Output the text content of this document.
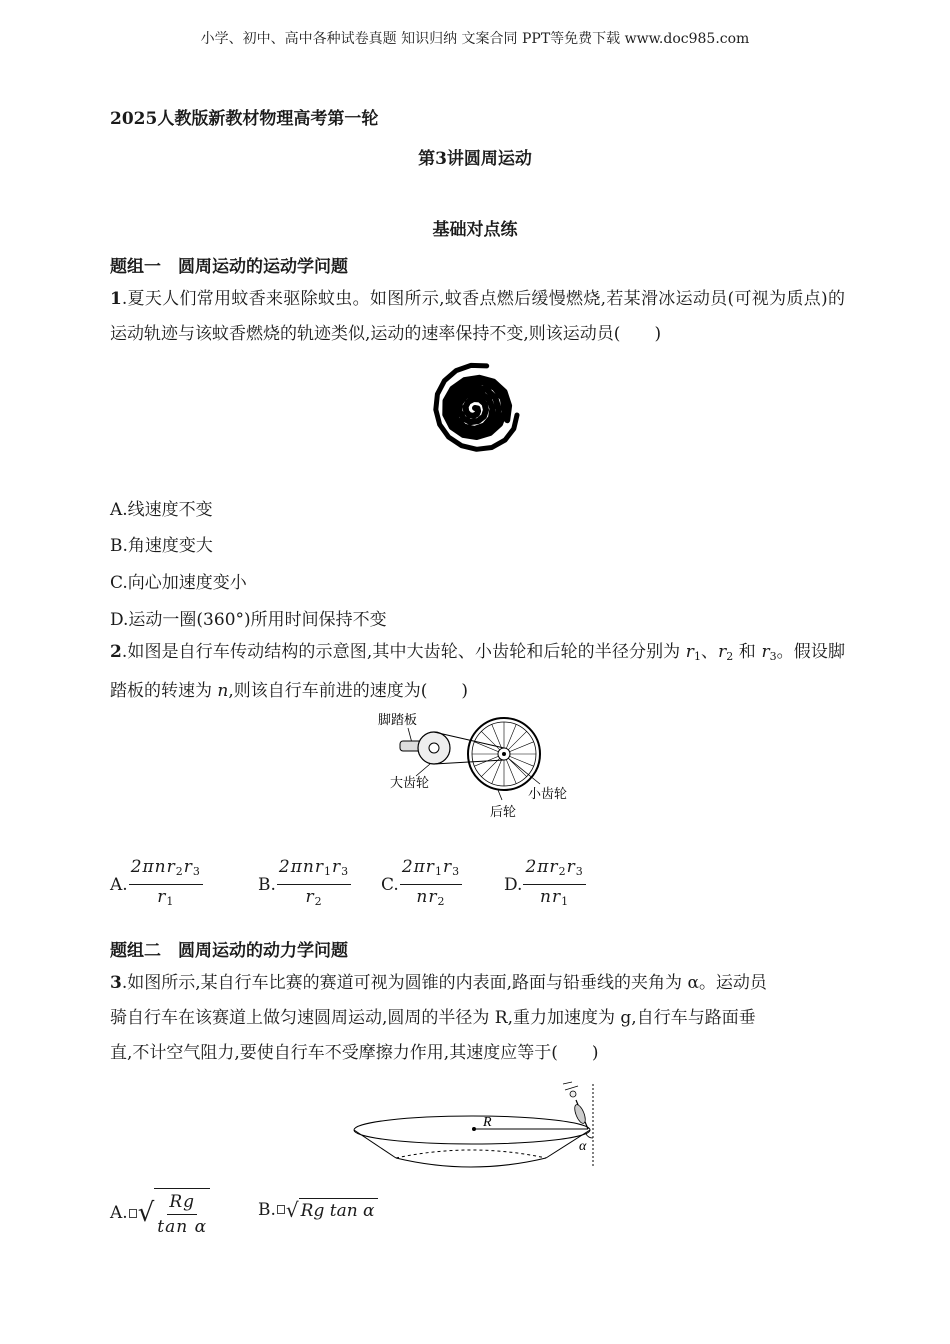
小学、初中、高中各种试卷真题 知识归纳 文案合同 PPT等免费下载 www.doc985.com
2025人教版新教材物理高考第一轮
第3讲圆周运动
基础对点练
题组一　圆周运动的运动学问题
1.夏天人们常用蚊香来驱除蚊虫。如图所示,蚊香点燃后缓慢燃烧,若某滑冰运动员(可视为质点)的运动轨迹与该蚊香燃烧的轨迹类似,运动的速率保持不变,则该运动员(　　)
A.线速度不变
B.角速度变大
C.向心加速度变小
D.运动一圈(360°)所用时间保持不变
2.如图是自行车传动结构的示意图,其中大齿轮、小齿轮和后轮的半径分别为 $r_1$、$r_2$ 和 $r_3$。假设脚踏板的转速为 n,则该自行车前进的速度为(　　)
脚踏板
大齿轮
小齿轮
后轮
A. $\frac{2\pi nr_2r_3}{r_1}$	B. $\frac{2\pi nr_1r_3}{r_2} C$. $\frac{2\pi r_1r_3}{nr_2} D$. $\frac{2\pi r_2r_3}{nr_1}$
题组二　圆周运动的动力学问题
3.如图所示,某自行车比赛的赛道可视为圆锥的内表面,路面与铅垂线的夹角为 α。运动员
骑自行车在该赛道上做匀速圆周运动,圆周的半径为 R,重力加速度为 g,自行车与路面垂
直,不计空气阻力,要使自行车不受摩擦力作用,其速度应等于(　　)
R
α
A. √ $\frac{Rg}{\text{tan α}}$	B. √ Rg tan α
